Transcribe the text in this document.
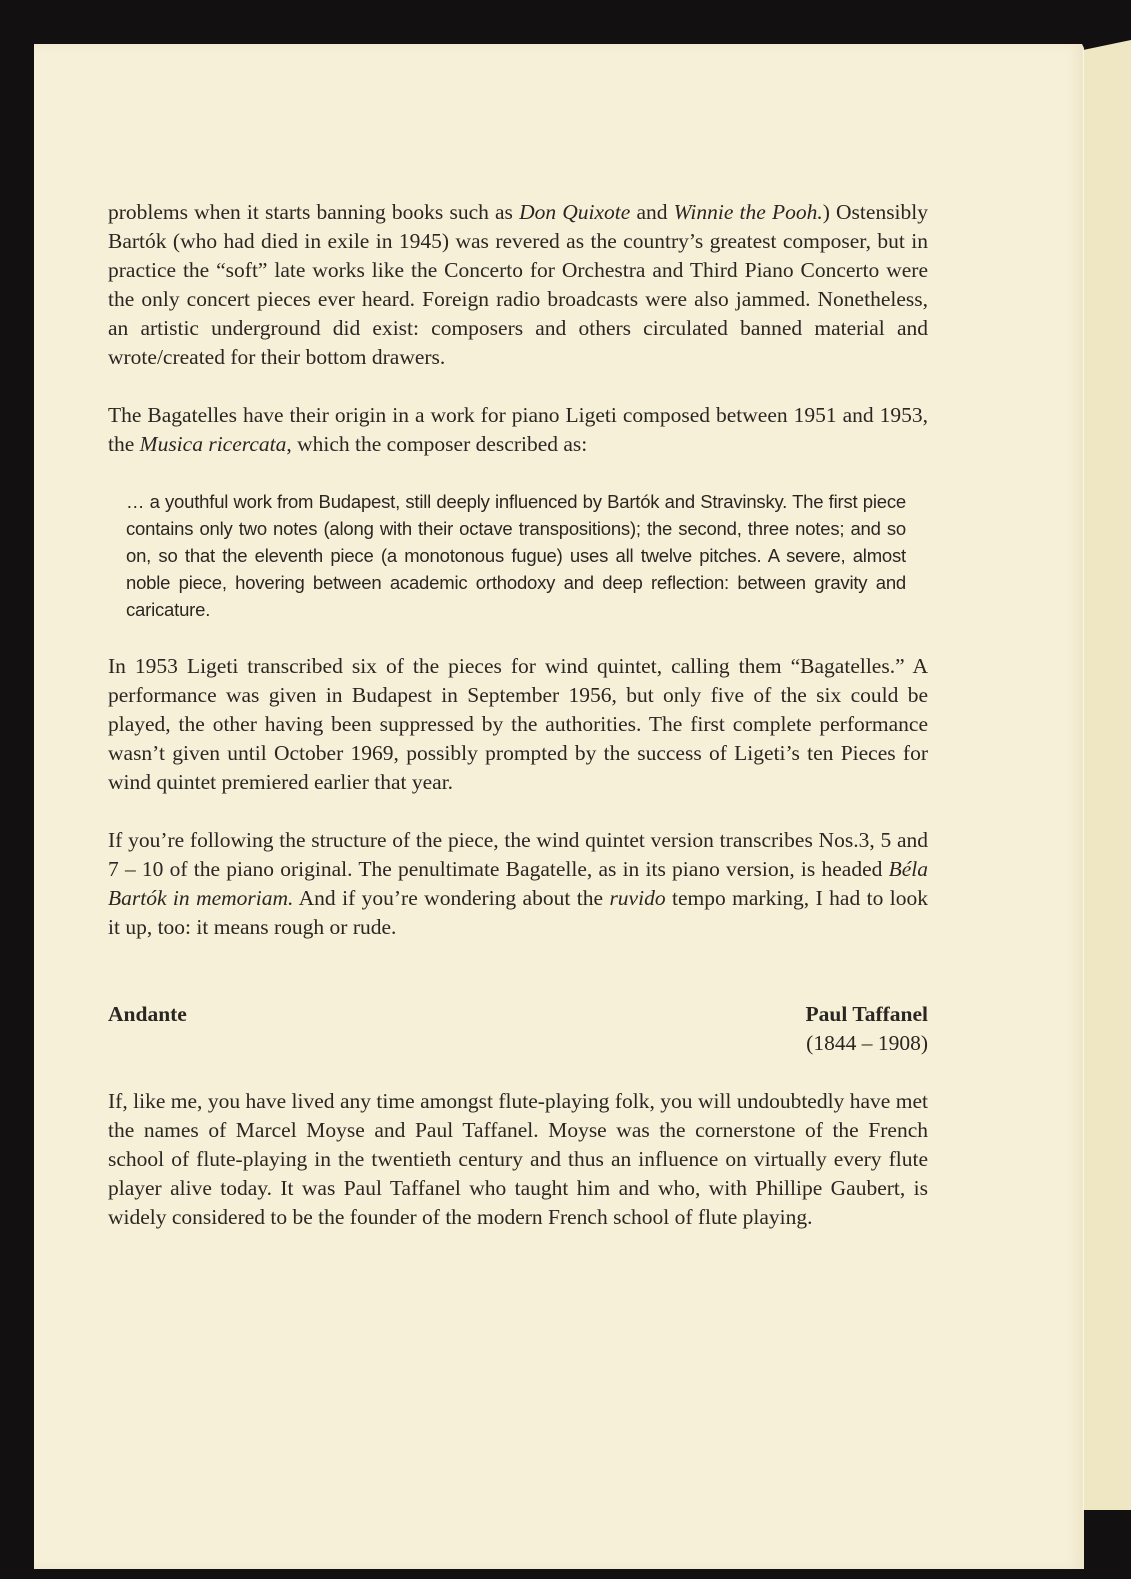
problems when it starts banning books such as Don Quixote and Winnie the Pooh.) Ostensibly Bartók (who had died in exile in 1945) was revered as the country’s greatest composer, but in practice the “soft” late works like the Concerto for Orchestra and Third Piano Concerto were the only concert pieces ever heard. Foreign radio broadcasts were also jammed. Nonetheless, an artistic underground did exist: composers and others circulated banned material and wrote/created for their bottom drawers.

The Bagatelles have their origin in a work for piano Ligeti composed between 1951 and 1953, the Musica ricercata, which the composer described as:

… a youthful work from Budapest, still deeply influenced by Bartók and Stravinsky. The first piece contains only two notes (along with their octave transpositions); the second, three notes; and so on, so that the eleventh piece (a monotonous fugue) uses all twelve pitches. A severe, almost noble piece, hovering between academic orthodoxy and deep reflection: between gravity and caricature.

In 1953 Ligeti transcribed six of the pieces for wind quintet, calling them “Bagatelles.” A performance was given in Budapest in September 1956, but only five of the six could be played, the other having been suppressed by the authorities. The first complete performance wasn’t given until October 1969, possibly prompted by the success of Ligeti’s ten Pieces for wind quintet premiered earlier that year.

If you’re following the structure of the piece, the wind quintet version transcribes Nos.3, 5 and 7 – 10 of the piano original. The penultimate Bagatelle, as in its piano version, is headed Béla Bartók in memoriam. And if you’re wondering about the ruvido tempo marking, I had to look it up, too: it means rough or rude.

Andante	Paul Taffanel
(1844 – 1908)

If, like me, you have lived any time amongst flute-playing folk, you will undoubtedly have met the names of Marcel Moyse and Paul Taffanel. Moyse was the cornerstone of the French school of flute-playing in the twentieth century and thus an influence on virtually every flute player alive today. It was Paul Taffanel who taught him and who, with Phillipe Gaubert, is widely considered to be the founder of the modern French school of flute playing.
